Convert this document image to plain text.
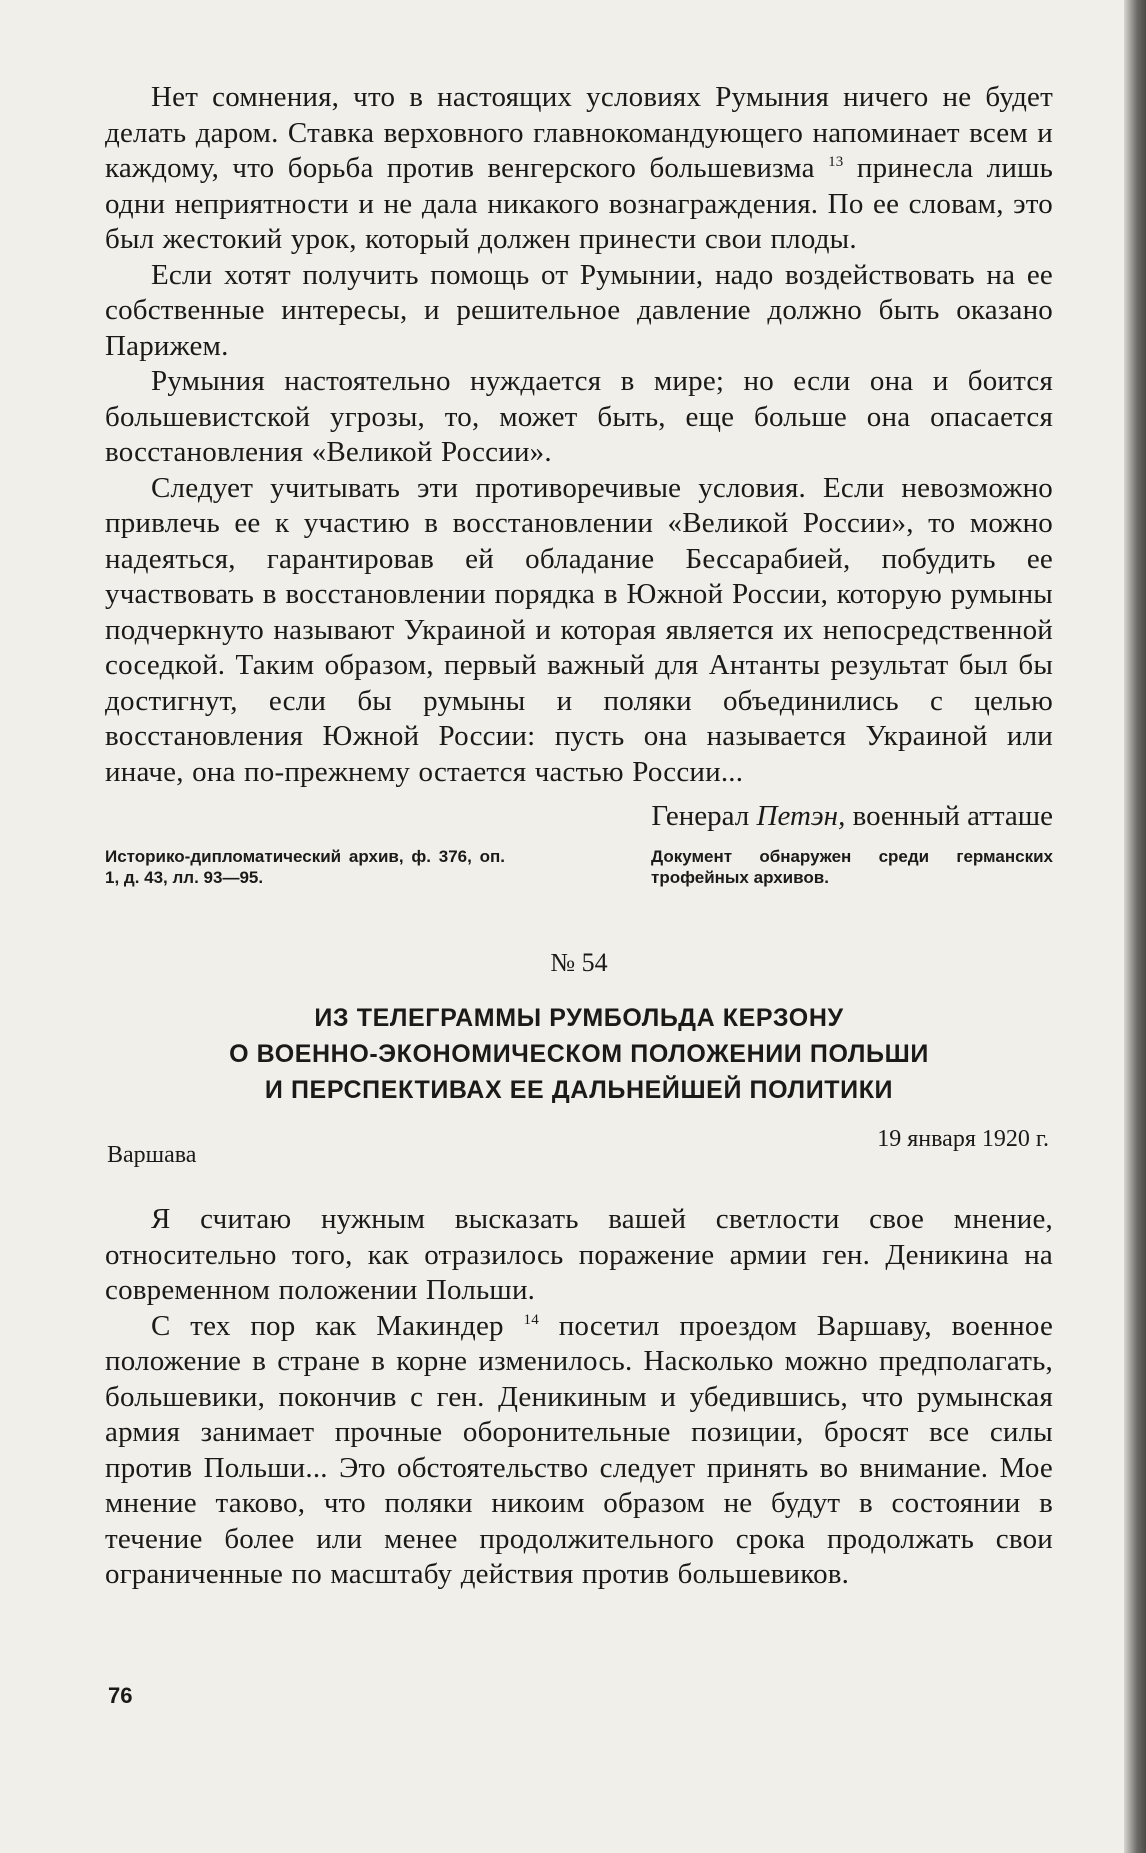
Нет сомнения, что в настоящих условиях Румыния ничего не будет делать даром. Ставка верховного главнокомандующего напоминает всем и каждому, что борьба против венгерского большевизма $^{13}$ принесла лишь одни неприятности и не дала никакого вознаграждения. По ее словам, это был жестокий урок, который должен принести свои плоды.

Если хотят получить помощь от Румынии, надо воздействовать на ее собственные интересы, и решительное давление должно быть оказано Парижем.

Румыния настоятельно нуждается в мире; но если она и боится большевистской угрозы, то, может быть, еще больше она опасается восстановления «Великой России».

Следует учитывать эти противоречивые условия. Если невозможно привлечь ее к участию в восстановлении «Великой России», то можно надеяться, гарантировав ей обладание Бессарабией, побудить ее участвовать в восстановлении порядка в Южной России, которую румыны подчеркнуто называют Украиной и которая является их непосредственной соседкой. Таким образом, первый важный для Антанты результат был бы достигнут, если бы румыны и поляки объединились с целью восстановления Южной России: пусть она называется Украиной или иначе, она по-прежнему остается частью России...

Генерал Петэн, военный атташе
Историко-дипломатический архив, ф. 376, оп. 1, д. 43, лл. 93—95.
Документ обнаружен среди германских трофейных архивов.
№ 54
ИЗ ТЕЛЕГРАММЫ РУМБОЛЬДА КЕРЗОНУ
О ВОЕННО-ЭКОНОМИЧЕСКОМ ПОЛОЖЕНИИ ПОЛЬШИ
И ПЕРСПЕКТИВАХ ЕЕ ДАЛЬНЕЙШЕЙ ПОЛИТИКИ
Варшава
19 января 1920 г.

Я считаю нужным высказать вашей светлости свое мнение, относительно того, как отразилось поражение армии ген. Деникина на современном положении Польши.

С тех пор как Макиндер $^{14}$ посетил проездом Варшаву, военное положение в стране в корне изменилось. Насколько можно предполагать, большевики, покончив с ген. Деникиным и убедившись, что румынская армия занимает прочные оборонительные позиции, бросят все силы против Польши... Это обстоятельство следует принять во внимание. Мое мнение таково, что поляки никоим образом не будут в состоянии в течение более или менее продолжительного срока продолжать свои ограниченные по масштабу действия против большевиков.

76
